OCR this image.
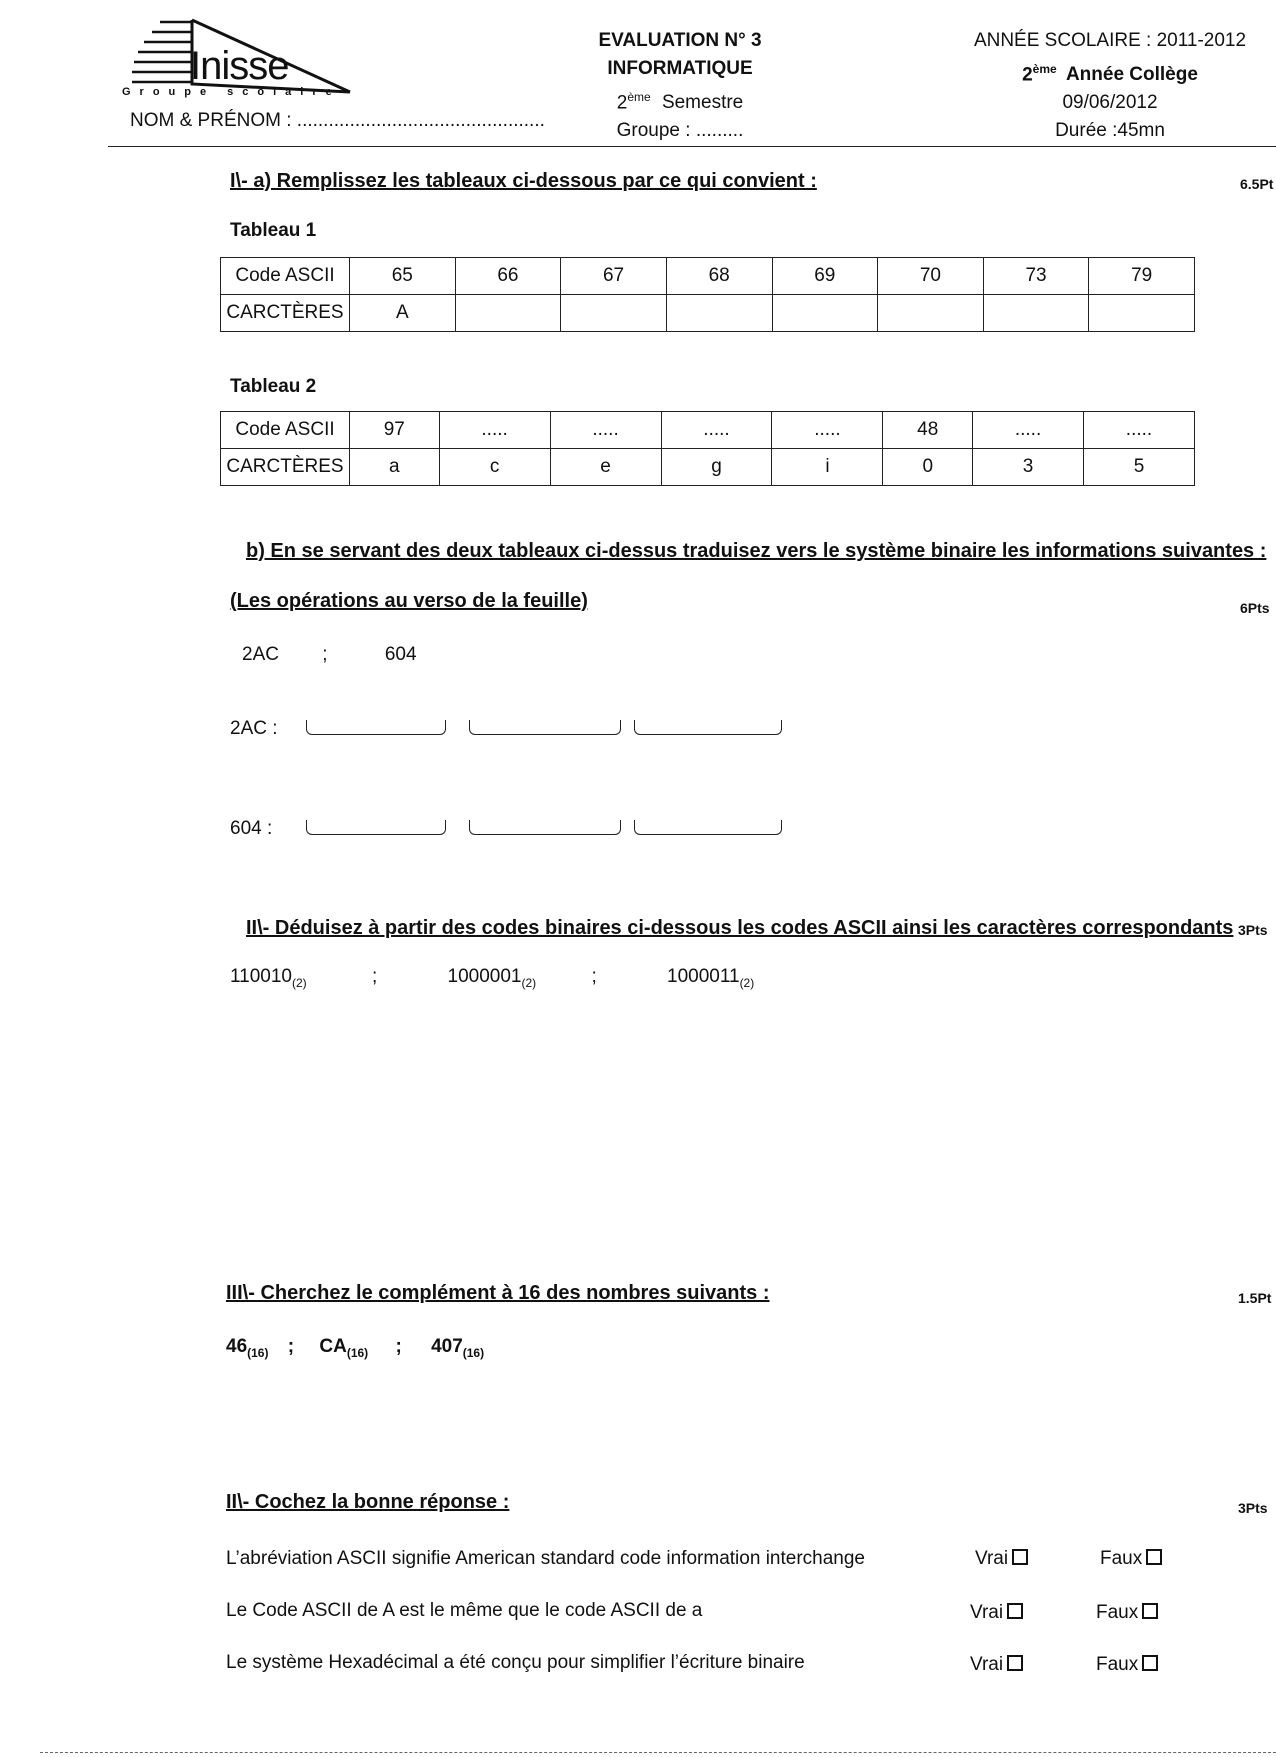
Inisse
Groupe scolaire
NOM & PRÉNOM : ...............................................
EVALUATION N° 3
INFORMATIQUE
2ème Semestre
Groupe : .........
ANNÉE SCOLAIRE : 2011-2012
2ème Année Collège
09/06/2012
Durée :45mn
I\- a) Remplissez les tableaux ci-dessous par ce qui convient :	6.5Pt
Tableau 1
Code ASCII	65	66	67	68	69	70	73	79
CARCTÈRES	A							
Tableau 2
Code ASCII	97	.....	.....	.....	.....	48	.....	.....
CARCTÈRES	a	c	e	g	i	0	3	5
b) En se servant des deux tableaux ci-dessus traduisez vers le système binaire les informations suivantes :
(Les opérations au verso de la feuille)	6Pts
2AC ;	604
2AC :
604 :
II\- Déduisez à partir des codes binaires ci-dessous les codes ASCII ainsi les caractères correspondants 3Pts
$110010_{(2)}$	;	$1000001_{(2)}$	;	$1000011_{(2)}$
III\- Cherchez le complément à 16 des nombres suivants :	1.5Pt
$46_{(16)}$ ; $CA_{(16)}$ ; $407_{(16)}$
II\- Cochez la bonne réponse :	3Pts
L’abréviation ASCII signifie American standard code information interchange	Vrai	Faux
Le Code ASCII de A est le même que le code ASCII de a	Vrai	Faux
Le système Hexadécimal a été conçu pour simplifier l’écriture binaire	Vrai	Faux
